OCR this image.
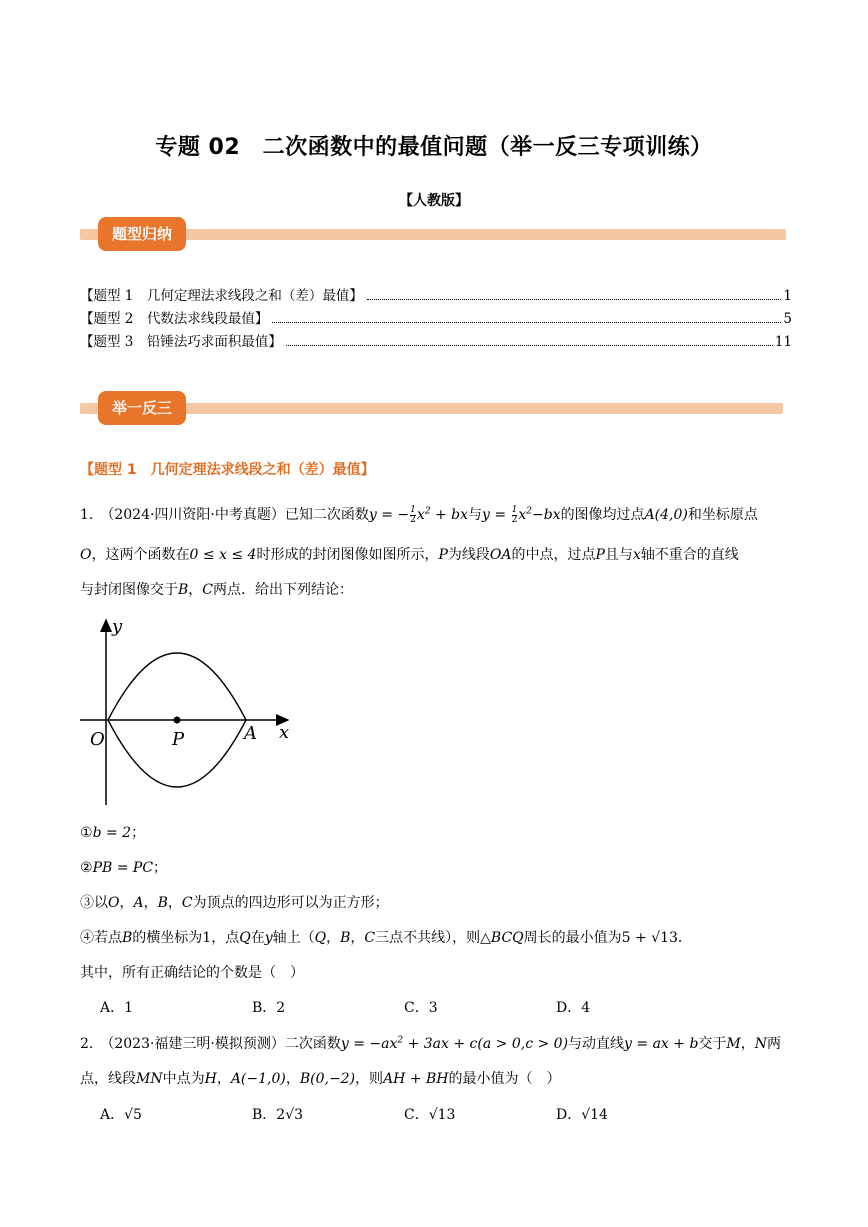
专题 02　二次函数中的最值问题（举一反三专项训练）
【人教版】
题型归纳
【题型 1　几何定理法求线段之和（差）最值】	1
【题型 2　代数法求线段最值】	5
【题型 3　铅锤法巧求面积最值】	11
举一反三
【题型 1　几何定理法求线段之和（差）最值】
1.　（2024·四川资阳·中考真题）已知二次函数y = − $\frac{1}{2} x^2$ + bx与$y = \frac{1}{2} x^2-bx$的图像均过点A(4,0)和坐标原点
O，这两个函数在0 ≤ x ≤ 4时形成的封闭图像如图所示，P为线段OA的中点，过点P且与x轴不重合的直线
与封闭图像交于B，C两点．给出下列结论：
y
x
O	P	A
①b = 2；
②PB = PC；
③以O，A，B，C为顶点的四边形可以为正方形；
④若点B的横坐标为1，点Q在y轴上（Q，B，C三点不共线），则△BCQ周长的最小值为5 + √13．
其中，所有正确结论的个数是（　）
A．1	B．2	C．3	D．4
2.　（2023·福建三明·模拟预测）二次函数$y = -ax^2 + 3ax + c(a > 0,c > 0)$与动直线y = ax + b交于M，N两
点，线段MN中点为H，A(−1,0)，B(0,−2)，则AH + BH的最小值为（　）
A．√5	B．2√3	C．√13	D．√14
